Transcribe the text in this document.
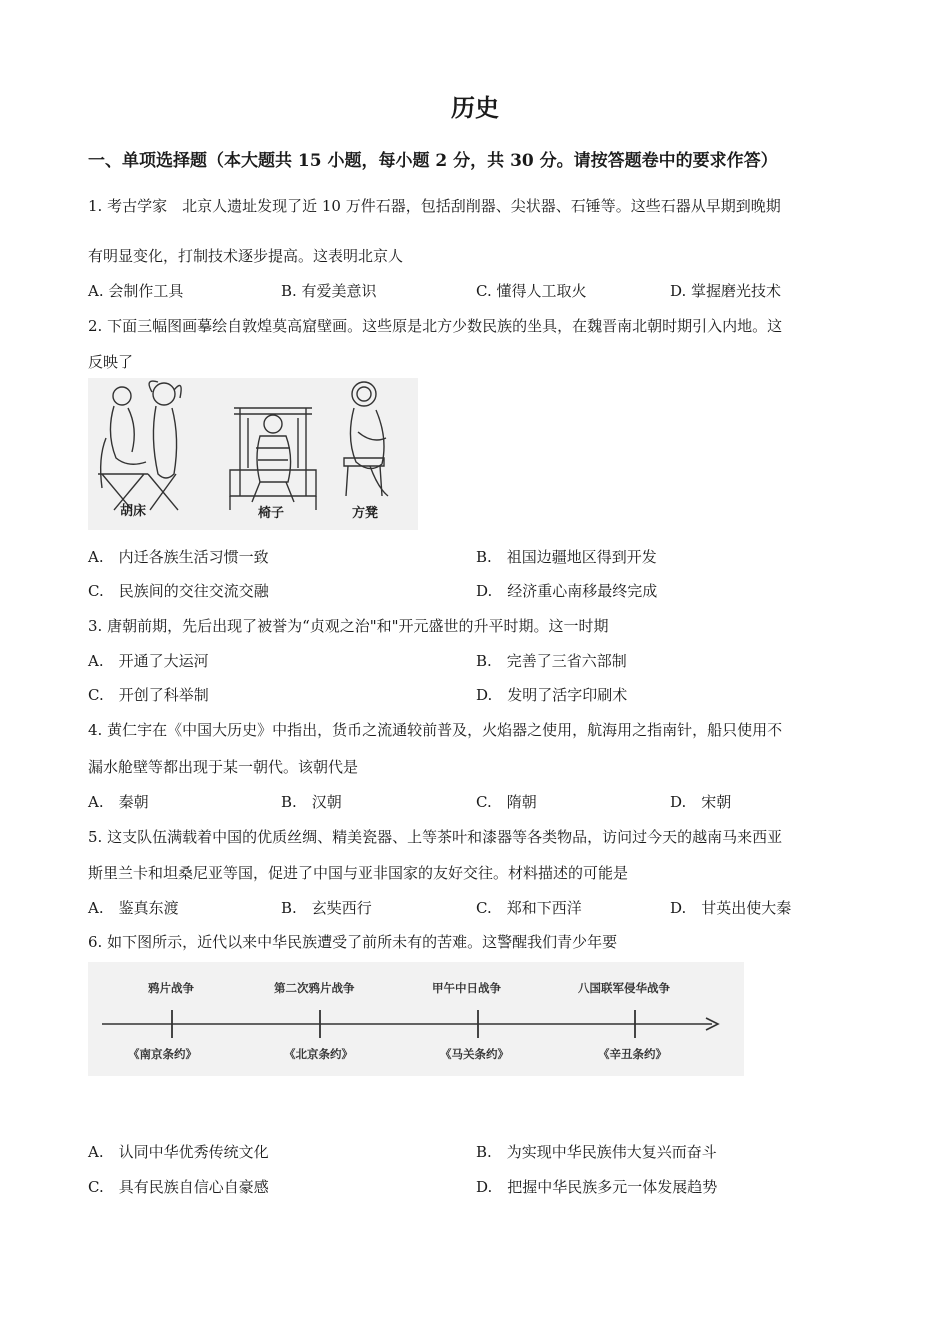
历史
一、单项选择题（本大题共 15 小题，每小题 2 分，共 30 分。请按答题卷中的要求作答）
1. 考古学家　北京人遗址发现了近 10 万件石器，包括刮削器、尖状器、石锤等。这些石器从早期到晚期
有明显变化，打制技术逐步提高。这表明北京人
A. 会制作工具	B. 有爱美意识	C. 懂得人工取火	D. 掌握磨光技术
2. 下面三幅图画摹绘自敦煌莫高窟壁画。这些原是北方少数民族的坐具，在魏晋南北朝时期引入内地。这
反映了
胡床	椅子	方凳
A.　内迁各族生活习惯一致	B.　祖国边疆地区得到开发
C.　民族间的交往交流交融	D.　经济重心南移最终完成
3. 唐朝前期，先后出现了被誉为“贞观之治"和"开元盛世的升平时期。这一时期
A.　开通了大运河	B.　完善了三省六部制
C.　开创了科举制	D.　发明了活字印刷术
4. 黄仁宇在《中国大历史》中指出，货币之流通较前普及，火焰器之使用，航海用之指南针，船只使用不
漏水舱壁等都出现于某一朝代。该朝代是
A.　秦朝	B.　汉朝	C.　隋朝	D.　宋朝
5. 这支队伍满载着中国的优质丝绸、精美瓷器、上等茶叶和漆器等各类物品，访问过今天的越南马来西亚
斯里兰卡和坦桑尼亚等国，促进了中国与亚非国家的友好交往。材料描述的可能是
A.　鉴真东渡	B.　玄奘西行	C.　郑和下西洋	D.　甘英出使大秦
6. 如下图所示，近代以来中华民族遭受了前所未有的苦难。这警醒我们青少年要
鸦片战争	第二次鸦片战争	甲午中日战争	八国联军侵华战争
《南京条约》	《北京条约》	《马关条约》	《辛丑条约》
A.　认同中华优秀传统文化	B.　为实现中华民族伟大复兴而奋斗
C.　具有民族自信心自豪感	D.　把握中华民族多元一体发展趋势
